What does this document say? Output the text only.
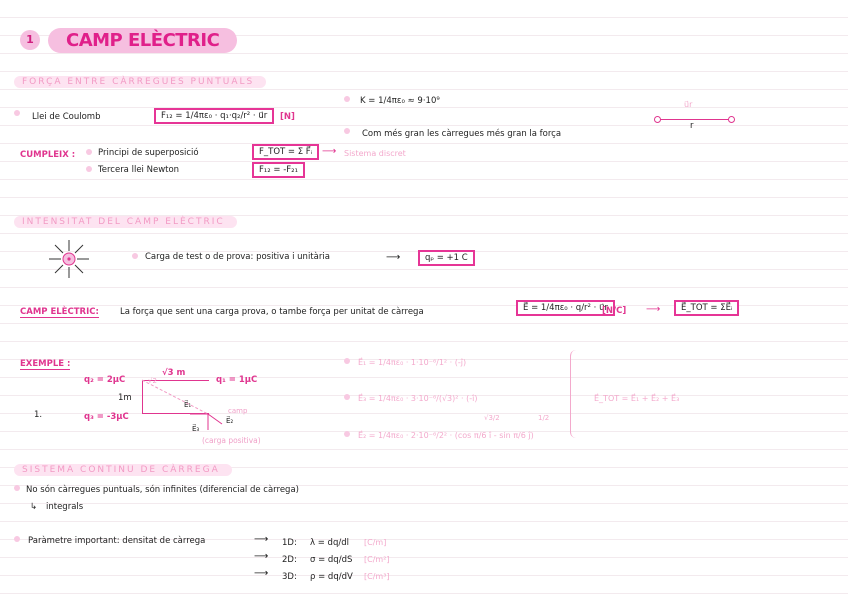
1	CAMP ELÈCTRIC
FORÇA ENTRE CÀRREGUES PUNTUALS
Llei de Coulomb	F₁₂ = 1/4πε₀ · q₁·q₂/r² · u⃗r	[N]
K = 1/4πε₀ ≈ 9·10⁹
Com més gran les càrregues més gran la força
u⃗r
r
CUMPLEIX :	Principi de superposició	F_TOT = Σ F⃗ᵢ ⟶ Sistema discret
Tercera llei Newton	F₁₂ = -F₂₁
INTENSITAT DEL CAMP ELÈCTRIC
Carga de test o de prova: positiva i unitària	⟶	qₚ = +1 C
CAMP ELÈCTRIC: La força que sent una carga prova, o tambe força per unitat de càrrega	E⃗ = 1/4πε₀ · q/r² · u⃗r
[N/C] ⟶	E⃗_TOT = ΣE⃗ᵢ
EXEMPLE :
1.
q₂ = 2μC
√3 m
√2	q₁ = 1μC
1m
q₃ = -3μC
E⃗₁
camp
E⃗₂
E⃗₃
(carga positiva)
E⃗₁ = 1/4πε₀ · 1·10⁻⁶/1² · (-ĵ)
E⃗₃ = 1/4πε₀ · 3·10⁻⁶/(√3)² · (-î)
√3/2	1/2
E⃗₂ = 1/4πε₀ · 2·10⁻⁶/2² · (cos π/6 î - sin π/6 ĵ)
E⃗_TOT = E⃗₁ + E⃗₂ + E⃗₃
SISTEMA CONTINU DE CÀRREGA
No són càrregues puntuals, són infinites (diferencial de càrrega)
↳ integrals
Paràmetre important: densitat de càrrega	⟶ 1D: λ = dq/dl [C/m]
⟶ 2D: σ = dq/dS [C/m²]
⟶ 3D: ρ = dq/dV [C/m³]
